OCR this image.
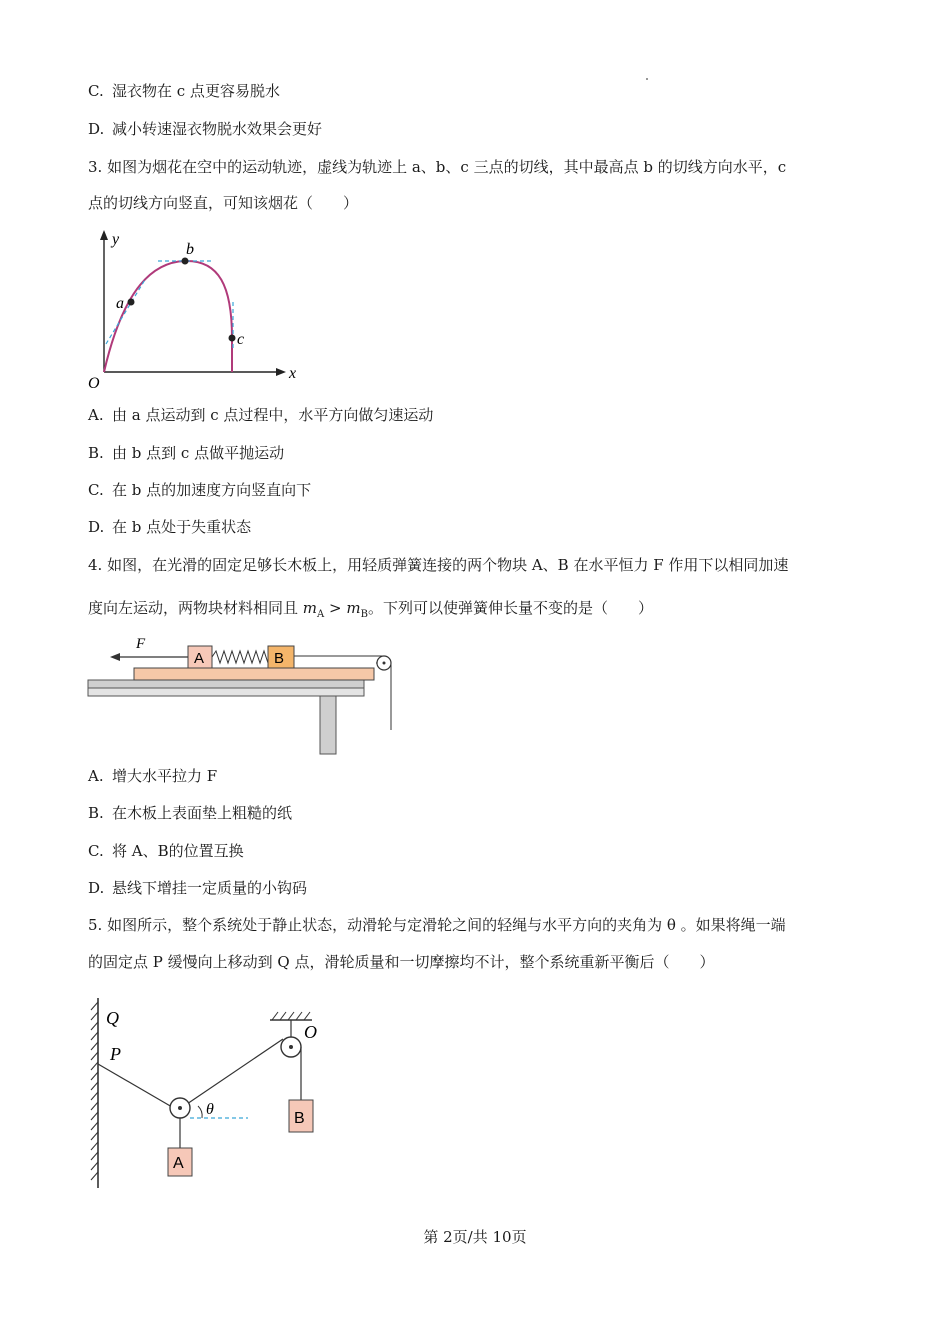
C. 湿衣物在 c 点更容易脱水
D. 减小转速湿衣物脱水效果会更好
3. 如图为烟花在空中的运动轨迹，虚线为轨迹上 a、b、c 三点的切线，其中最高点 b 的切线方向水平，c
点的切线方向竖直，可知该烟花（　　）
y
x
O
a
b
c
A. 由 a 点运动到 c 点过程中，水平方向做匀速运动
B. 由 b 点到 c 点做平抛运动
C. 在 b 点的加速度方向竖直向下
D. 在 b 点处于失重状态
4. 如图，在光滑的固定足够长木板上，用轻质弹簧连接的两个物块 A、B 在水平恒力 F 作用下以相同加速
度向左运动，两物块材料相同且 $m_A > m_B$。下列可以使弹簧伸长量不变的是（　　）
A	B
F
A. 增大水平拉力 F
B. 在木板上表面垫上粗糙的纸
C. 将 A、B的位置互换
D. 悬线下增挂一定质量的小钩码
5. 如图所示，整个系统处于静止状态，动滑轮与定滑轮之间的轻绳与水平方向的夹角为 θ 。如果将绳一端
的固定点 P 缓慢向上移动到 Q 点，滑轮质量和一切摩擦均不计，整个系统重新平衡后（　　）
A
B
Q
P
O
θ
第 2页/共 10页
